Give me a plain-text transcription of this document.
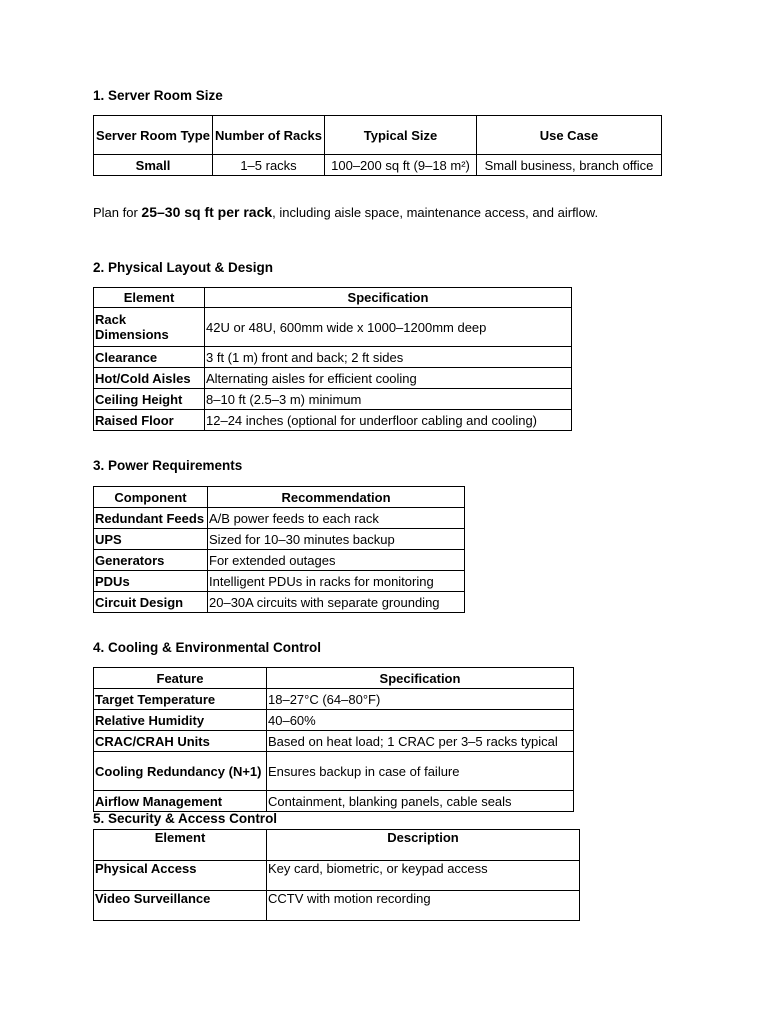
1. Server Room Size
Server Room Type	Number of Racks	Typical Size	Use Case
Small	1–5 racks	100–200 sq ft (9–18 m²)	Small business, branch office
Plan for 25–30 sq ft per rack, including aisle space, maintenance access, and airflow.
2. Physical Layout & Design
Element	Specification
Rack Dimensions	42U or 48U, 600mm wide x 1000–1200mm deep
Clearance	3 ft (1 m) front and back; 2 ft sides
Hot/Cold Aisles	Alternating aisles for efficient cooling
Ceiling Height	8–10 ft (2.5–3 m) minimum
Raised Floor	12–24 inches (optional for underfloor cabling and cooling)
3. Power Requirements
Component	Recommendation
Redundant Feeds	A/B power feeds to each rack
UPS	Sized for 10–30 minutes backup
Generators	For extended outages
PDUs	Intelligent PDUs in racks for monitoring
Circuit Design	20–30A circuits with separate grounding
4. Cooling & Environmental Control
Feature	Specification
Target Temperature	18–27°C (64–80°F)
Relative Humidity	40–60%
CRAC/CRAH Units	Based on heat load; 1 CRAC per 3–5 racks typical
Cooling Redundancy (N+1)	Ensures backup in case of failure
Airflow Management	Containment, blanking panels, cable seals
5. Security & Access Control
Element	Description
Physical Access	Key card, biometric, or keypad access
Video Surveillance	CCTV with motion recording
